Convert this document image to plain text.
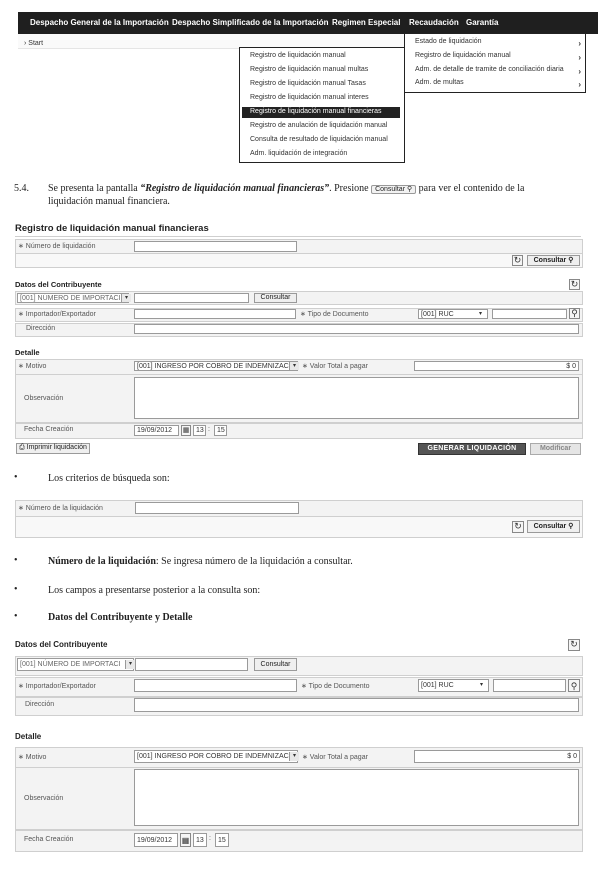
Despacho General de la Importación Despacho Simplificado de la Importación Regimen Especial Recaudación Garantía
› Start	Estado de liquidación	›
Registro de liquidación manual	›
Adm. de detalle de tramite de conciliación diaria ›
Adm. de multas	›
Registro de liquidación manual
Registro de liquidación manual multas
Registro de liquidación manual Tasas
Registro de liquidación manual interes
Registro de liquidación manual financieras
Registro de anulación de liquidación manual
Consulta de resultado de liquidación manual
Adm. liquidación de integración
5.4. Se presenta la pantalla “Registro de liquidación manual financieras”. Presione Consultar ⚲ para ver el contenido de la
liquidación manual financiera.
Registro de liquidación manual financieras
∗ Número de liquidación
↻	Consultar ⚲
Datos del Contribuyente	↻
[001] NÚMERO DE IMPORTACI ▾	Consultar
∗ Importador/Exportador	∗ Tipo de Documento	[001] RUC	▾	⚲
Dirección
Detalle
∗ Motivo	[001] INGRESO POR COBRO DE INDEMNIZAC ▾ ∗ Valor Total a pagar	$ 0
Observación
Fecha Creación	19/09/2012	▦ 13 :	15
⎙ Imprimir liquidación	GENERAR LIQUIDACIÓN	Modificar
•	Los criterios de búsqueda son:
∗ Número de la liquidación
↻	Consultar ⚲
•	Número de la liquidación: Se ingresa número de la liquidación a consultar.
•	Los campos a presentarse posterior a la consulta son:
•	Datos del Contribuyente y Detalle
Datos del Contribuyente	↻
[001] NÚMERO DE IMPORTACI	▾	Consultar
∗ Importador/Exportador	∗ Tipo de Documento	[001] RUC	▾	⚲
Dirección
Detalle
∗ Motivo	[001] INGRESO POR COBRO DE INDEMNIZAC ▾ ∗ Valor Total a pagar	$ 0
Observación
Fecha Creación	19/09/2012	▦ 13 :	15
